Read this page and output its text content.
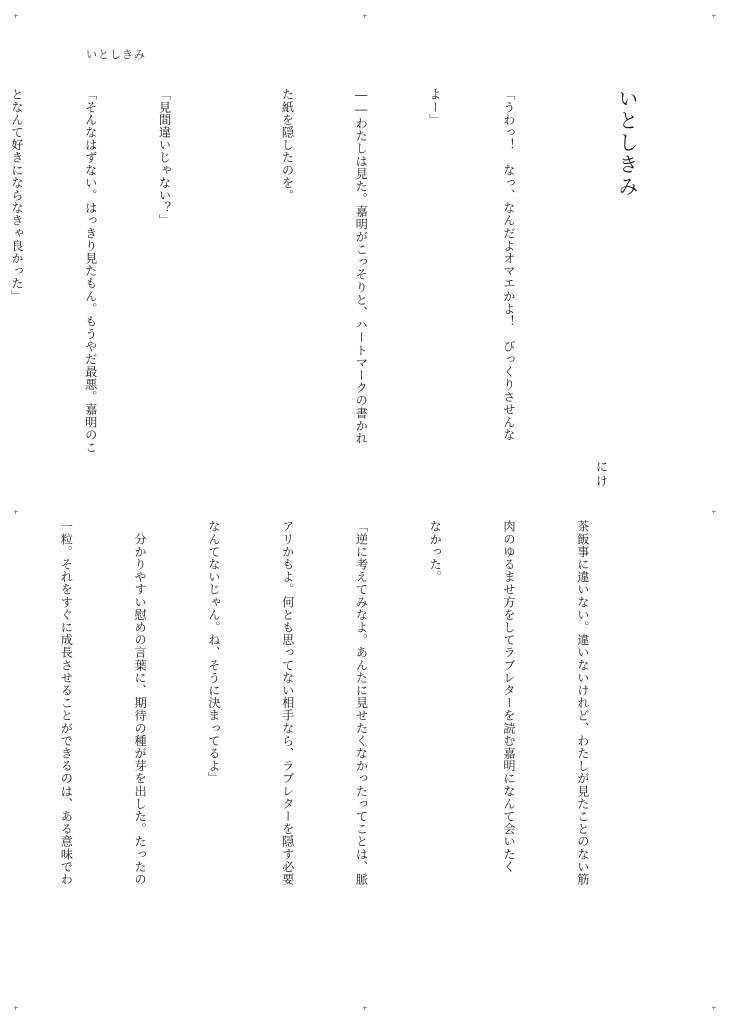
いとしきみ
いとしきみ
にけ

「うわっ！　なっ、なんだよオマエかよ！　びっくりさせんな

よー」

――わたしは見た。嘉明がこっそりと、ハートマークの書かれ

た紙を隠したのを。

「見間違いじゃない？」

「そんなはずない。はっきり見たもん。もうやだ最悪。嘉明のこ

となんて好きにならなきゃ良かった」

茶飯事に違いない。違いないけれど、わたしが見たことのない筋

肉のゆるませ方をしてラブレターを読む嘉明になんて会いたく

なかった。

「逆に考えてみなよ。あんたに見せたくなかったってことは、脈

アリかもよ。何とも思ってない相手なら、ラブレターを隠す必要

なんてないじゃん。ね、そうに決まってるよ」

　分かりやすい慰めの言葉に、期待の種が芽を出した。たったの

一粒。それをすぐに成長させることができるのは、ある意味でわ
